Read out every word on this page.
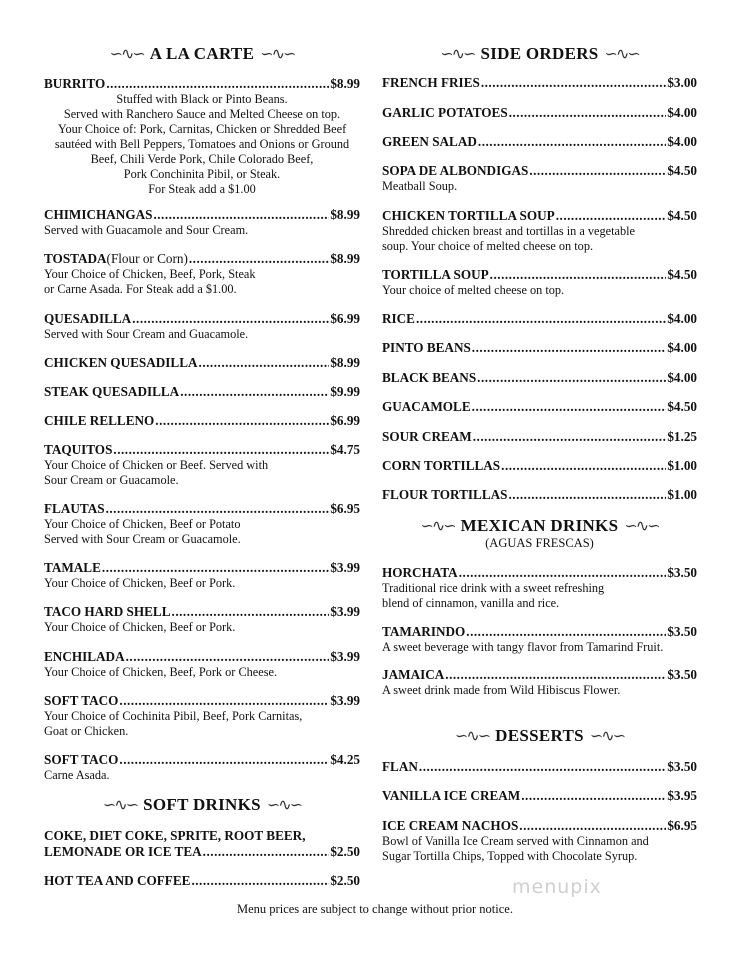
∽∿∽ A LA CARTE ∽∿∽
BURRITO .....	$8.99
Stuffed with Black or Pinto Beans.
Served with Ranchero Sauce and Melted Cheese on top.
Your Choice of: Pork, Carnitas, Chicken or Shredded Beef
sautéed with Bell Peppers, Tomatoes and Onions or Ground
Beef, Chili Verde Pork, Chile Colorado Beef,
Pork Conchinita Pibil, or Steak.
For Steak add a $1.00
CHIMICHANGAS .....	$8.99
Served with Guacamole and Sour Cream.
TOSTADA (Flour or Corn) .....	$8.99
Your Choice of Chicken, Beef, Pork, Steak
or Carne Asada. For Steak add a $1.00.
QUESADILLA .....	$6.99
Served with Sour Cream and Guacamole.
CHICKEN QUESADILLA .....	$8.99
STEAK QUESADILLA .....	$9.99
CHILE RELLENO .....	$6.99
TAQUITOS .....	$4.75
Your Choice of Chicken or Beef. Served with
Sour Cream or Guacamole.
FLAUTAS .....	$6.95
Your Choice of Chicken, Beef or Potato
Served with Sour Cream or Guacamole.
TAMALE .....	$3.99
Your Choice of Chicken, Beef or Pork.
TACO HARD SHELL .....	$3.99
Your Choice of Chicken, Beef or Pork.
ENCHILADA .....	$3.99
Your Choice of Chicken, Beef, Pork or Cheese.
SOFT TACO .....	$3.99
Your Choice of Cochinita Pibil, Beef, Pork Carnitas,
Goat or Chicken.
SOFT TACO .....	$4.25
Carne Asada.
∽∿∽ SOFT DRINKS ∽∿∽
COKE, DIET COKE, SPRITE, ROOT BEER,
LEMONADE OR ICE TEA .....	$2.50
HOT TEA AND COFFEE .....	$2.50
∽∿∽ SIDE ORDERS ∽∿∽
FRENCH FRIES .....	$3.00
GARLIC POTATOES .....	$4.00
GREEN SALAD .....	$4.00
SOPA DE ALBONDIGAS .....	$4.50
Meatball Soup.
CHICKEN TORTILLA SOUP .....	$4.50
Shredded chicken breast and tortillas in a vegetable
soup. Your choice of melted cheese on top.
TORTILLA SOUP .....	$4.50
Your choice of melted cheese on top.
RICE .....	$4.00
PINTO BEANS .....	$4.00
BLACK BEANS .....	$4.00
GUACAMOLE .....	$4.50
SOUR CREAM .....	$1.25
CORN TORTILLAS .....	$1.00
FLOUR TORTILLAS .....	$1.00
∽∿∽ MEXICAN DRINKS ∽∿∽
(AGUAS FRESCAS)
HORCHATA .....	$3.50
Traditional rice drink with a sweet refreshing
blend of cinnamon, vanilla and rice.
TAMARINDO .....	$3.50
A sweet beverage with tangy flavor from Tamarind Fruit.
JAMAICA .....	$3.50
A sweet drink made from Wild Hibiscus Flower.
∽∿∽ DESSERTS ∽∿∽
FLAN .....	$3.50
VANILLA ICE CREAM .....	$3.95
ICE CREAM NACHOS .....	$6.95
Bowl of Vanilla Ice Cream served with Cinnamon and
Sugar Tortilla Chips, Topped with Chocolate Syrup.
menupix
Menu prices are subject to change without prior notice.
